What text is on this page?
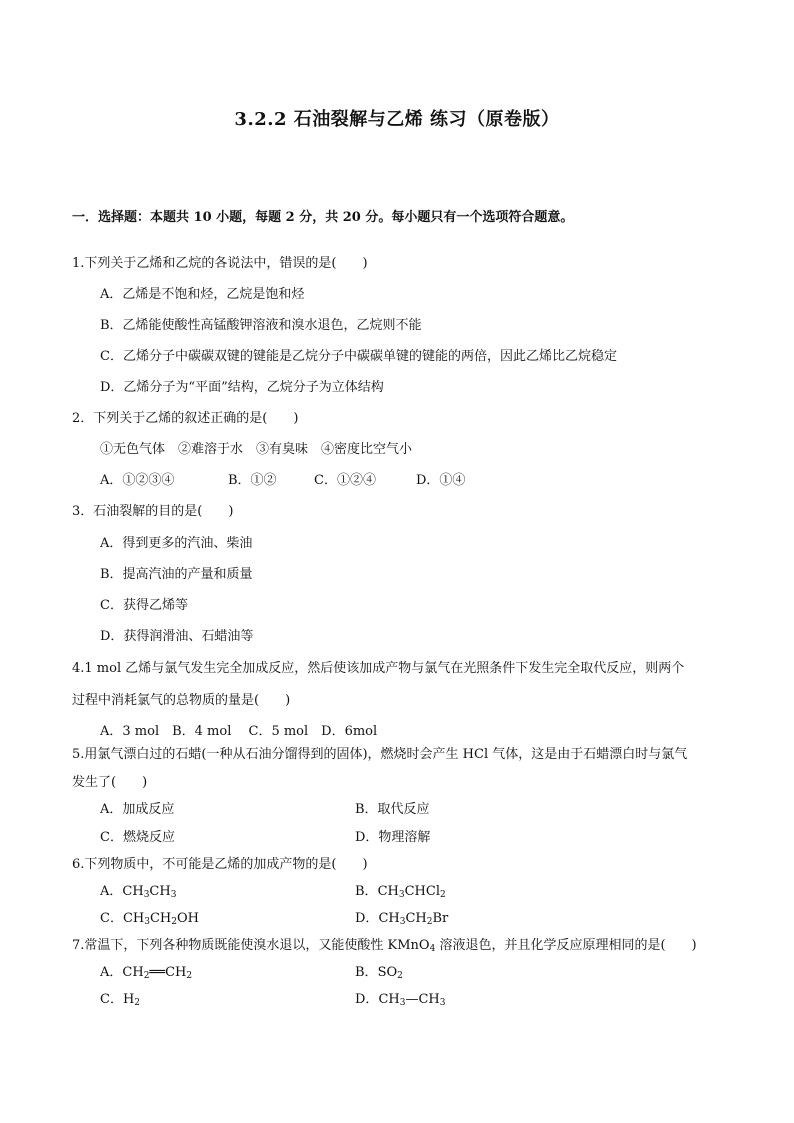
3.2.2 石油裂解与乙烯 练习（原卷版）
一．选择题：本题共 10 小题，每题 2 分，共 20 分。每小题只有一个选项符合题意。
1.下列关于乙烯和乙烷的各说法中，错误的是(　　)
A．乙烯是不饱和烃，乙烷是饱和烃
B．乙烯能使酸性高锰酸钾溶液和溴水退色，乙烷则不能
C．乙烯分子中碳碳双键的键能是乙烷分子中碳碳单键的键能的两倍，因此乙烯比乙烷稳定
D．乙烯分子为“平面”结构，乙烷分子为立体结构
2．下列关于乙烯的叙述正确的是(　　)
①无色气体　②难溶于水　③有臭味　④密度比空气小
A．①②③④	B．①②	C．①②④	D．①④
3．石油裂解的目的是(　　)
A．得到更多的汽油、柴油
B．提高汽油的产量和质量
C．获得乙烯等
D．获得润滑油、石蜡油等
4.1 mol 乙烯与氯气发生完全加成反应，然后使该加成产物与氯气在光照条件下发生完全取代反应，则两个
过程中消耗氯气的总物质的量是(　　)
A．3 mol　B．4 mol　 C．5 mol　D．6mol
5.用氯气漂白过的石蜡(一种从石油分馏得到的固体)，燃烧时会产生 HCl 气体，这是由于石蜡漂白时与氯气
发生了(　　)
A．加成反应	B．取代反应
C．燃烧反应	D．物理溶解
6.下列物质中，不可能是乙烯的加成产物的是(　　)
A．$CH_3CH_3$	B．$CH_3CHCl_2$
C．$CH_3CH_2OH$	D．$CH_3CH_2Br$
7.常温下，下列各种物质既能使溴水退以，又能使酸性 KMnO$_4$ 溶液退色，并且化学反应原理相同的是(　　)
A．$CH_2══CH_2$	B．$SO_2$
C．$H_2$	D．$CH_3—CH_3$
